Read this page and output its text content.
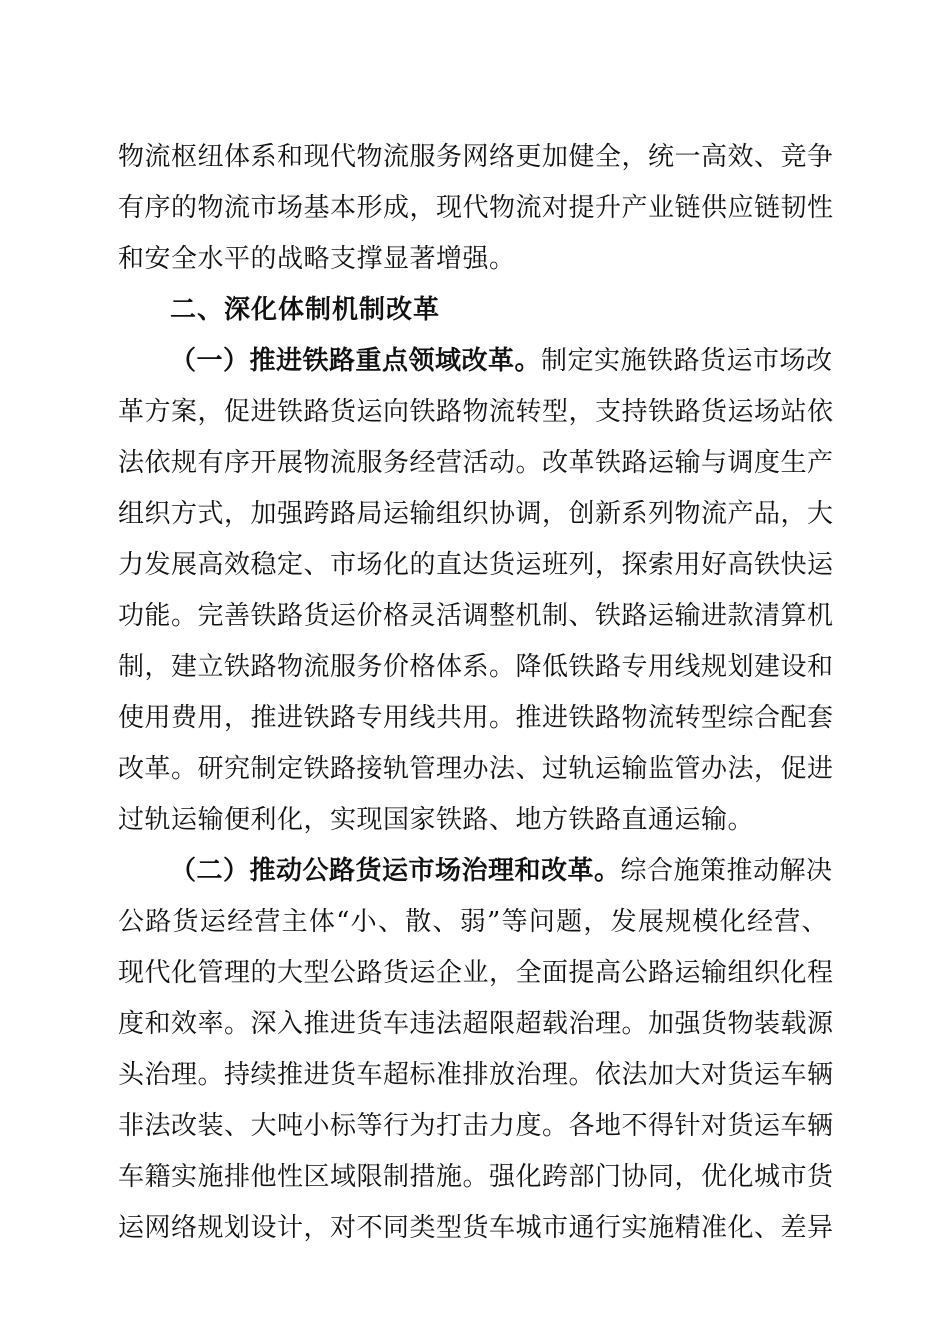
物流枢纽体系和现代物流服务网络更加健全，统一高效、竞争
有序的物流市场基本形成，现代物流对提升产业链供应链韧性
和安全水平的战略支撑显著增强。
二、深化体制机制改革
（一）推进铁路重点领域改革。制定实施铁路货运市场改
革方案，促进铁路货运向铁路物流转型，支持铁路货运场站依
法依规有序开展物流服务经营活动。改革铁路运输与调度生产
组织方式，加强跨路局运输组织协调，创新系列物流产品，大
力发展高效稳定、市场化的直达货运班列，探索用好高铁快运
功能。完善铁路货运价格灵活调整机制、铁路运输进款清算机
制，建立铁路物流服务价格体系。降低铁路专用线规划建设和
使用费用，推进铁路专用线共用。推进铁路物流转型综合配套
改革。研究制定铁路接轨管理办法、过轨运输监管办法，促进
过轨运输便利化，实现国家铁路、地方铁路直通运输。
（二）推动公路货运市场治理和改革。综合施策推动解决
公路货运经营主体“小、散、弱”等问题，发展规模化经营、
现代化管理的大型公路货运企业，全面提高公路运输组织化程
度和效率。深入推进货车违法超限超载治理。加强货物装载源
头治理。持续推进货车超标准排放治理。依法加大对货运车辆
非法改装、大吨小标等行为打击力度。各地不得针对货运车辆
车籍实施排他性区域限制措施。强化跨部门协同，优化城市货
运网络规划设计，对不同类型货车城市通行实施精准化、差异
